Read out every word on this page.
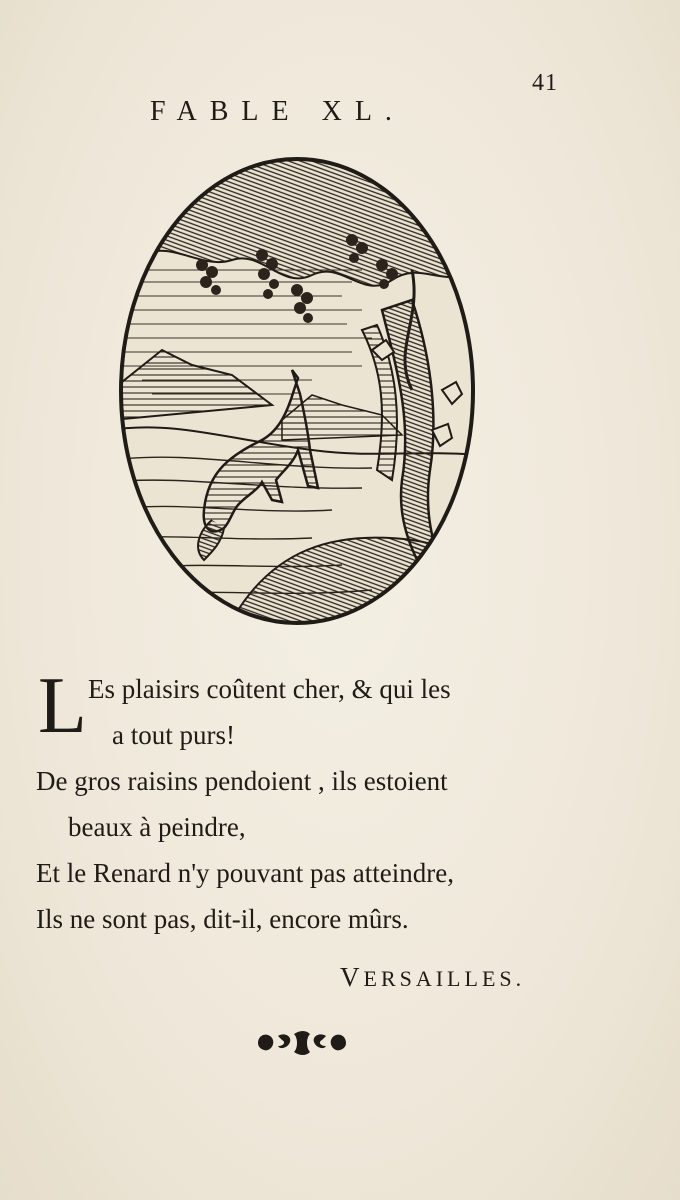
41
FABLE XL.
L Es plaisirs coûtent cher, & qui les
a tout purs!
De gros raisins pendoient , ils estoient
beaux à peindre,
Et le Renard n'y pouvant pas atteindre,
Ils ne sont pas, dit-il, encore mûrs.
VERSAILLES.
